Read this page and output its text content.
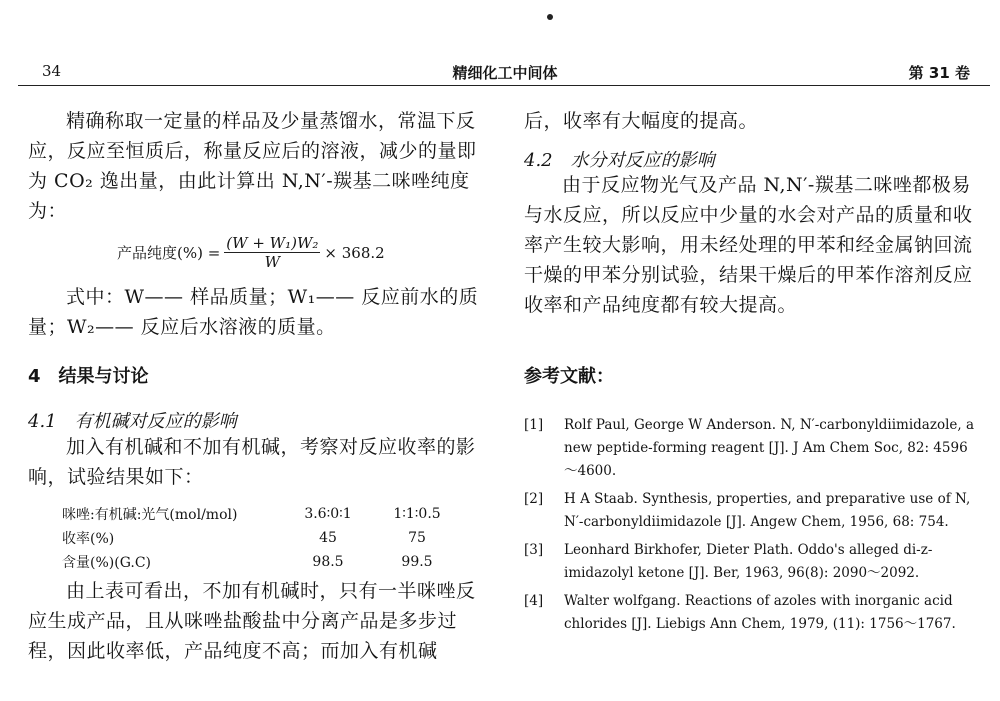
34	精细化工中间体	第 31 卷

精确称取一定量的样品及少量蒸馏水，常温下反应，反应至恒质后，称量反应后的溶液，减少的量即为 CO₂ 逸出量，由此计算出 N,N′-羰基二咪唑纯度为：

产品纯度(%) = $\frac{\text{(W + W₁)W₂}}{W} \times 368.2$

式中：W—— 样品质量；W₁—— 反应前水的质量；W₂—— 反应后水溶液的质量。

4　结果与讨论
4.1　有机碱对反应的影响

加入有机碱和不加有机碱，考察对反应收率的影响，试验结果如下：

咪唑:有机碱:光气(mol/mol)	3.6∶0∶1	1∶1∶0.5
收率(%)	45	75
含量(%)(G.C)	98.5	99.5

由上表可看出，不加有机碱时，只有一半咪唑反应生成产品，且从咪唑盐酸盐中分离产品是多步过程，因此收率低，产品纯度不高；而加入有机碱

后，收率有大幅度的提高。

4.2　水分对反应的影响

由于反应物光气及产品 N,N′-羰基二咪唑都极易与水反应，所以反应中少量的水会对产品的质量和收率产生较大影响，用未经处理的甲苯和经金属钠回流干燥的甲苯分别试验，结果干燥后的甲苯作溶剂反应收率和产品纯度都有较大提高。

参考文献：
[1] Rolf Paul, George W Anderson. N, N′-carbonyldiimidazole, a new peptide-forming reagent [J]. J Am Chem Soc, 82: 4596～4600.
[2] H A Staab. Synthesis, properties, and preparative use of N, N′-carbonyldiimidazole [J]. Angew Chem, 1956, 68: 754.
[3] Leonhard Birkhofer, Dieter Plath. Oddo's alleged di-z-imidazolyl ketone [J]. Ber, 1963, 96(8): 2090～2092.
[4] Walter wolfgang. Reactions of azoles with inorganic acid chlorides [J]. Liebigs Ann Chem, 1979, (11): 1756～1767.
